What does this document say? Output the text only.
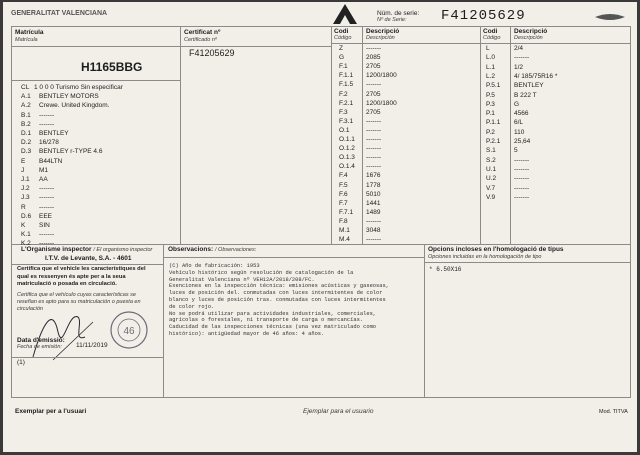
GENERALITAT VALENCIANA	Núm. de serie:
Nº de Serie: F41205629
Matrícula
Matrícula
H1165BBG
Certificat nº
Certificado nº
F41205629
CL 1 0 0 0 Turismo Sin especificar
A.1 BENTLEY MOTORS
A.2 Crewe. United Kingdom.
B.1 -------
B.2 -------
D.1 BENTLEY
D.2 16/278
D.3 BENTLEY r-TYPE 4.6
E B44LTN
J M1
J.1 AA
J.2 -------
J.3 -------
R -------
D.6 EEE
K SIN
K.1 -------
K.2 -------
Codi
Código
Descripció
Descripción
Z	-------
G	2085
F.1	2705
F.1.1 1200/1800
F.1.5 -------
F.2	2705
F.2.1 1200/1800
F.3	2705
F.3.1 -------
O.1	-------
O.1.1 -------
O.1.2 -------
O.1.3 -------
O.1.4 -------
F.4	1676
F.5	1778
F.6	5010
F.7	1441
F.7.1 1489
F.8	-------
M.1 3048
M.4 -------
Codi
Código
Descripció
Descripción
L	2/4
L.0	-------
L.1	1/2
L.2	4/ 185/75R16 *
P.5.1 BENTLEY
P.5	B 222 T
P.3	G
P.1	4566
P.1.1 6/L
P.2	110
P.2.1 25,64
S.1	5
S.2	-------
U.1	-------
U.2	-------
V.7	-------
V.9	-------
L'Organisme inspector / El organismo inspector
I.T.V. de Levante, S.A. - 4601
Certifica que el vehicle les característiques del qual es ressenyen és apte per a la seua matriculació o posada en circulació.
Certifica que el vehículo cuyas características se reseñan es apto para su matriculación o puesta en circulación
46
Data d'emissió:
Fecha de emisión:	11/11/2019
(1)
Observacions: / Observaciones:

(C) Año de fabricación: 1953

Vehículo histórico según resolución de catalogación de la

Generalitat Valenciana nº VEH12A/2018/208/FC.

Exenciones en la inspección técnica: emisiones acústicas y gaseosas,

luces de posición del. conmutadas con luces intermitentes de color

blanco y luces de posición tras. conmutadas con luces intermitentes

de color rojo.

No se podrá utilizar para actividades industriales, comerciales,

agrícolas o forestales, ni transporte de carga o mercancías.

Caducidad de las inspecciones técnicas (una vez matriculado como

histórico): antigüedad mayor de 46 años: 4 años.

Opcions incloses en l'homologació de tipus
Opciones incluidas en la homologación de tipo
* 6.50X16
Exemplar per a l'usuari	Ejemplar para el usuario	Mod. TITVA
